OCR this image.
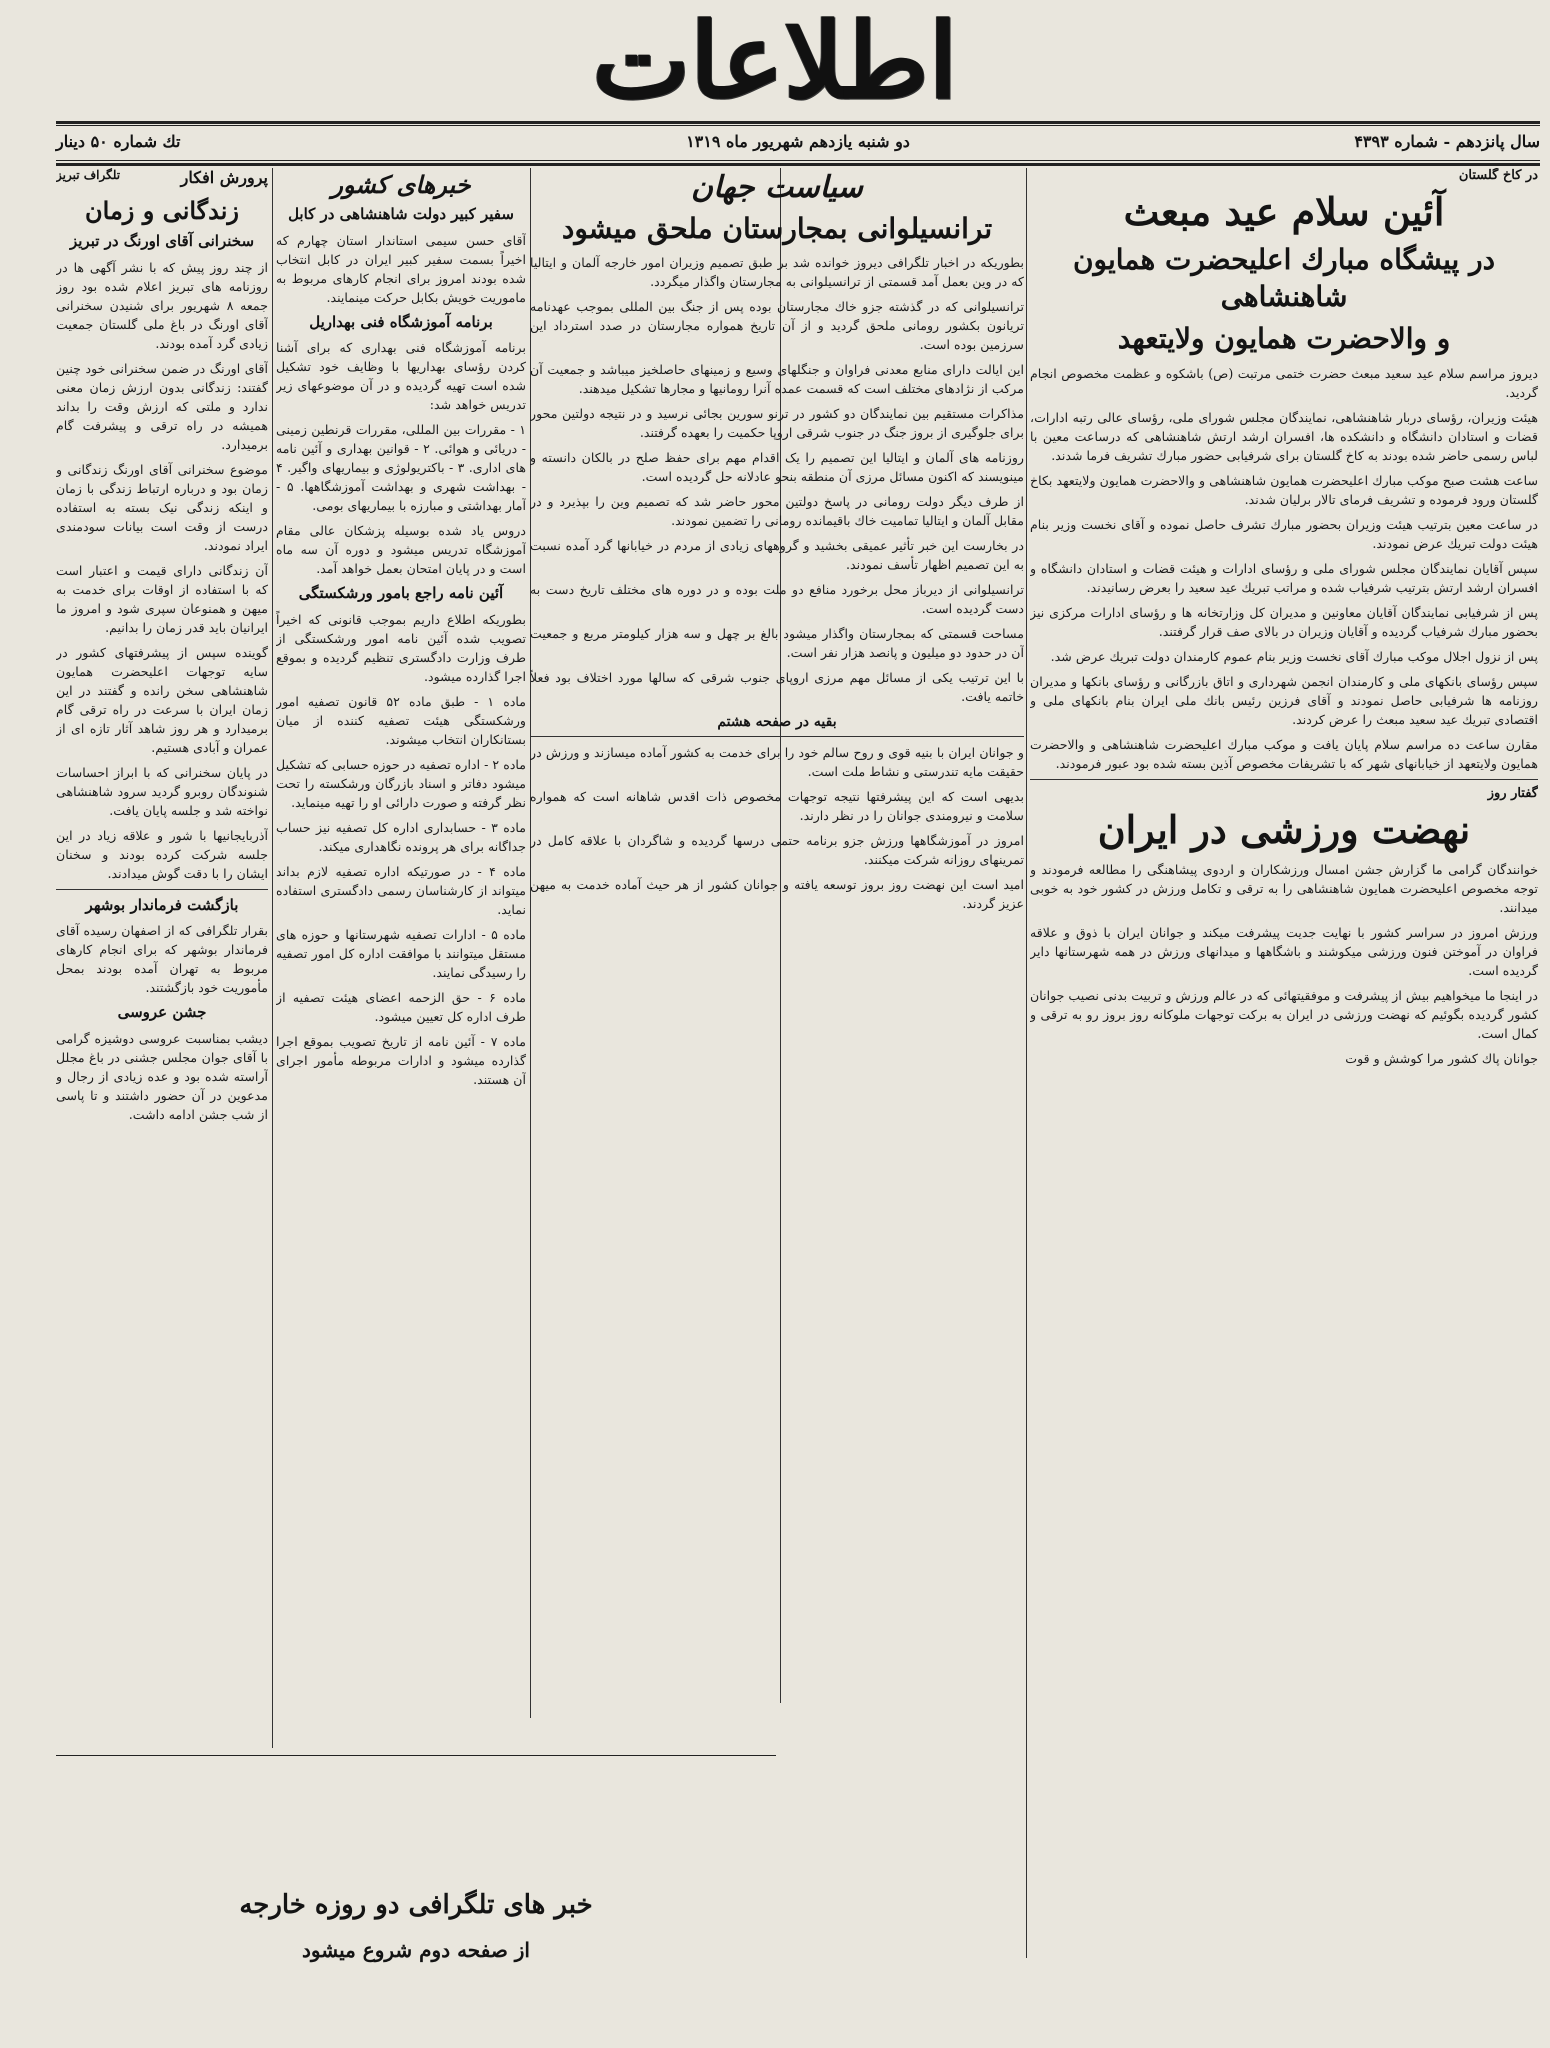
اطلاعات
سال پانزدهم - شماره ۴۳۹۳
دو شنبه یازدهم شهریور ماه ۱۳۱۹
تك شماره ۵۰ دینار
در کاخ گلستان
آئین سلام عید مبعث
در پیشگاه مبارك اعلیحضرت همایون شاهنشاهی
و والاحضرت همایون ولایتعهد

دیروز مراسم سلام عید سعید مبعث حضرت ختمی مرتبت (ص) باشکوه و عظمت مخصوص انجام گردید.

هیئت وزیران، رؤسای دربار شاهنشاهی، نمایندگان مجلس شورای ملی، رؤسای عالی رتبه ادارات، قضات و استادان دانشگاه و دانشکده ها، افسران ارشد ارتش شاهنشاهی که درساعت معین با لباس رسمی حاضر شده بودند به کاخ گلستان برای شرفیابی حضور مبارك تشریف فرما شدند.

ساعت هشت صبح موکب مبارك اعلیحضرت همایون شاهنشاهی و والاحضرت همایون ولایتعهد بکاخ گلستان ورود فرموده و تشریف فرمای تالار برلیان شدند.

در ساعت معین بترتیب هیئت وزیران بحضور مبارك تشرف حاصل نموده و آقای نخست وزیر بنام هیئت دولت تبریك عرض نمودند.

سپس آقایان نمایندگان مجلس شورای ملی و رؤسای ادارات و هیئت قضات و استادان دانشگاه و افسران ارشد ارتش بترتیب شرفیاب شده و مراتب تبریك عید سعید را بعرض رسانیدند.

پس از شرفیابی نمایندگان آقایان معاونین و مدیران کل وزارتخانه ها و رؤسای ادارات مرکزی نیز بحضور مبارك شرفیاب گردیده و آقایان وزیران در بالای صف قرار گرفتند.

پس از نزول اجلال موکب مبارك آقای نخست وزیر بنام عموم کارمندان دولت تبریك عرض شد.

سپس رؤسای بانکهای ملی و کارمندان انجمن شهرداری و اتاق بازرگانی و رؤسای بانکها و مدیران روزنامه ها شرفیابی حاصل نمودند و آقای فرزین رئیس بانك ملی ایران بنام بانکهای ملی و اقتصادی تبریك عید سعید مبعث را عرض کردند.

مقارن ساعت ده مراسم سلام پایان یافت و موکب مبارك اعلیحضرت شاهنشاهی و والاحضرت همایون ولایتعهد از خیابانهای شهر که با تشریفات مخصوص آذین بسته شده بود عبور فرمودند.

گفتار روز
نهضت ورزشی در ایران

خوانندگان گرامی ما گزارش جشن امسال ورزشکاران و اردوی پیشاهنگی را مطالعه فرمودند و توجه مخصوص اعلیحضرت همایون شاهنشاهی را به ترقی و تکامل ورزش در کشور خود به خوبی میدانند.

ورزش امروز در سراسر کشور با نهایت جدیت پیشرفت میکند و جوانان ایران با ذوق و علاقه فراوان در آموختن فنون ورزشی میکوشند و باشگاهها و میدانهای ورزش در همه شهرستانها دایر گردیده است.

در اینجا ما میخواهیم بیش از پیشرفت و موفقیتهائی که در عالم ورزش و تربیت بدنی نصیب جوانان کشور گردیده بگوئیم که نهضت ورزشی در ایران به برکت توجهات ملوکانه روز بروز رو به ترقی و کمال است.

جوانان پاك کشور مرا کوشش و قوت

سیاست جهان
ترانسیلوانی بمجارستان ملحق میشود

بطوریکه در اخبار تلگرافی دیروز خوانده شد بر طبق تصمیم وزیران امور خارجه آلمان و ایتالیا که در وین بعمل آمد قسمتی از ترانسیلوانی به مجارستان واگذار میگردد.

ترانسیلوانی که در گذشته جزو خاك مجارستان بوده پس از جنگ بین المللی بموجب عهدنامه تریانون بکشور رومانی ملحق گردید و از آن تاریخ همواره مجارستان در صدد استرداد این سرزمین بوده است.

این ایالت دارای منابع معدنی فراوان و جنگلهای وسیع و زمینهای حاصلخیز میباشد و جمعیت آن مرکب از نژادهای مختلف است که قسمت عمده آنرا رومانیها و مجارها تشکیل میدهند.

مذاکرات مستقیم بین نمایندگان دو کشور در ترنو سورین بجائی نرسید و در نتیجه دولتین محور برای جلوگیری از بروز جنگ در جنوب شرقی اروپا حکمیت را بعهده گرفتند.

روزنامه های آلمان و ایتالیا این تصمیم را یک اقدام مهم برای حفظ صلح در بالکان دانسته و مینویسند که اکنون مسائل مرزی آن منطقه بنحو عادلانه حل گردیده است.

از طرف دیگر دولت رومانی در پاسخ دولتین محور حاضر شد که تصمیم وین را بپذیرد و در مقابل آلمان و ایتالیا تمامیت خاك باقیمانده رومانی را تضمین نمودند.

در بخارست این خبر تأثیر عمیقی بخشید و گروههای زیادی از مردم در خیابانها گرد آمده نسبت به این تصمیم اظهار تأسف نمودند.

ترانسیلوانی از دیرباز محل برخورد منافع دو ملت بوده و در دوره های مختلف تاریخ دست به دست گردیده است.

مساحت قسمتی که بمجارستان واگذار میشود بالغ بر چهل و سه هزار کیلومتر مربع و جمعیت آن در حدود دو میلیون و پانصد هزار نفر است.

با این ترتیب یکی از مسائل مهم مرزی اروپای جنوب شرقی که سالها مورد اختلاف بود فعلاً خاتمه یافت.

بقیه در صفحه هشتم

و جوانان ایران با بنیه قوی و روح سالم خود را برای خدمت به کشور آماده میسازند و ورزش در حقیقت مایه تندرستی و نشاط ملت است.

بدیهی است که این پیشرفتها نتیجه توجهات مخصوص ذات اقدس شاهانه است که همواره سلامت و نیرومندی جوانان را در نظر دارند.

امروز در آموزشگاهها ورزش جزو برنامه حتمی درسها گردیده و شاگردان با علاقه کامل در تمرینهای روزانه شرکت میکنند.

امید است این نهضت روز بروز توسعه یافته و جوانان کشور از هر حیث آماده خدمت به میهن عزیز گردند.

خبرهای کشور
سفیر کبیر دولت شاهنشاهی در کابل

آقای حسن سیمی استاندار استان چهارم که اخیراً بسمت سفیر کبیر ایران در کابل انتخاب شده بودند امروز برای انجام کارهای مربوط به ماموریت خویش بکابل حرکت مینمایند.

برنامه آموزشگاه فنی بهداریل

برنامه آموزشگاه فنی بهداری که برای آشنا کردن رؤسای بهداریها با وظایف خود تشکیل شده است تهیه گردیده و در آن موضوعهای زیر تدریس خواهد شد:

۱ - مقررات بین المللی، مقررات قرنطین زمینی - دریائی و هوائی. ۲ - قوانین بهداری و آئین نامه های اداری. ۳ - باکتریولوژی و بیماریهای واگیر. ۴ - بهداشت شهری و بهداشت آموزشگاهها. ۵ - آمار بهداشتی و مبارزه با بیماریهای بومی.

دروس یاد شده بوسیله پزشکان عالی مقام آموزشگاه تدریس میشود و دوره آن سه ماه است و در پایان امتحان بعمل خواهد آمد.

آئین نامه راجع بامور ورشکستگی

بطوریکه اطلاع داریم بموجب قانونی که اخیراً تصویب شده آئین نامه امور ورشکستگی از طرف وزارت دادگستری تنظیم گردیده و بموقع اجرا گذارده میشود.

ماده ۱ - طبق ماده ۵۲ قانون تصفیه امور ورشکستگی هیئت تصفیه کننده از میان بستانکاران انتخاب میشوند.

ماده ۲ - اداره تصفیه در حوزه حسابی که تشکیل میشود دفاتر و اسناد بازرگان ورشکسته را تحت نظر گرفته و صورت دارائی او را تهیه مینماید.

ماده ۳ - حسابداری اداره کل تصفیه نیز حساب جداگانه برای هر پرونده نگاهداری میکند.

ماده ۴ - در صورتیکه اداره تصفیه لازم بداند میتواند از کارشناسان رسمی دادگستری استفاده نماید.

ماده ۵ - ادارات تصفیه شهرستانها و حوزه های مستقل میتوانند با موافقت اداره کل امور تصفیه را رسیدگی نمایند.

ماده ۶ - حق الزحمه اعضای هیئت تصفیه از طرف اداره کل تعیین میشود.

ماده ۷ - آئین نامه از تاریخ تصویب بموقع اجرا گذارده میشود و ادارات مربوطه مأمور اجرای آن هستند.

پرورش افکار
تلگراف تبریز
زندگانی و زمان
سخنرانی آقای اورنگ در تبریز

از چند روز پیش که با نشر آگهی ها در روزنامه های تبریز اعلام شده بود روز جمعه ۸ شهریور برای شنیدن سخنرانی آقای اورنگ در باغ ملی گلستان جمعیت زیادی گرد آمده بودند.

آقای اورنگ در ضمن سخنرانی خود چنین گفتند: زندگانی بدون ارزش زمان معنی ندارد و ملتی که ارزش وقت را بداند همیشه در راه ترقی و پیشرفت گام برمیدارد.

موضوع سخنرانی آقای اورنگ زندگانی و زمان بود و درباره ارتباط زندگی با زمان و اینکه زندگی نیک بسته به استفاده درست از وقت است بیانات سودمندی ایراد نمودند.

آن زندگانی دارای قیمت و اعتبار است که با استفاده از اوقات برای خدمت به میهن و همنوعان سپری شود و امروز ما ایرانیان باید قدر زمان را بدانیم.

گوینده سپس از پیشرفتهای کشور در سایه توجهات اعلیحضرت همایون شاهنشاهی سخن رانده و گفتند در این زمان ایران با سرعت در راه ترقی گام برمیدارد و هر روز شاهد آثار تازه ای از عمران و آبادی هستیم.

در پایان سخنرانی که با ابراز احساسات شنوندگان روبرو گردید سرود شاهنشاهی نواخته شد و جلسه پایان یافت.

آذربایجانیها با شور و علاقه زیاد در این جلسه شرکت کرده بودند و سخنان ایشان را با دقت گوش میدادند.

بازگشت فرماندار بوشهر

بقرار تلگرافی که از اصفهان رسیده آقای فرماندار بوشهر که برای انجام کارهای مربوط به تهران آمده بودند بمحل مأموریت خود بازگشتند.

جشن عروسی

دیشب بمناسبت عروسی دوشیزه گرامی با آقای جوان مجلس جشنی در باغ مجلل آراسته شده بود و عده زیادی از رجال و مدعوین در آن حضور داشتند و تا پاسی از شب جشن ادامه داشت.

خبر های تلگرافی دو روزه خارجه
از صفحه دوم شروع میشود
